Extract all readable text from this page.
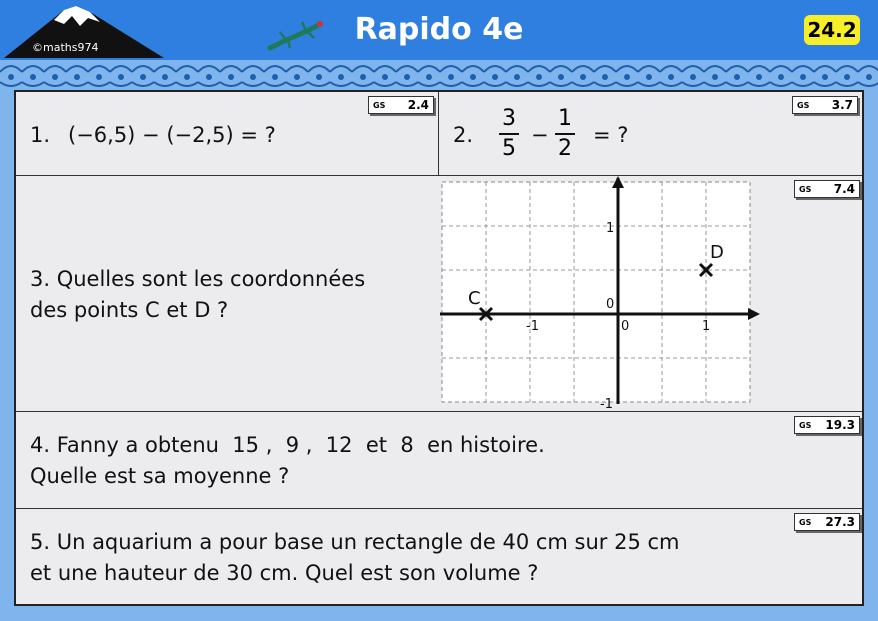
©maths974
Rapido 4e	24.2
1. (−6,5) − (−2,5) = ?
GS 2.4
2.
3
5
−
1
2
= ?
GS 3.7
3. Quelles sont les coordonnées
des points C et D ?
1
-1
-1	1
0
0
C
D
GS 7.4
4. Fanny a obtenu  15 ,  9 ,  12  et  8  en histoire.
Quelle est sa moyenne ?
GS 19.3
5. Un aquarium a pour base un rectangle de 40 cm sur 25 cm
et une hauteur de 30 cm. Quel est son volume ?
GS 27.3
